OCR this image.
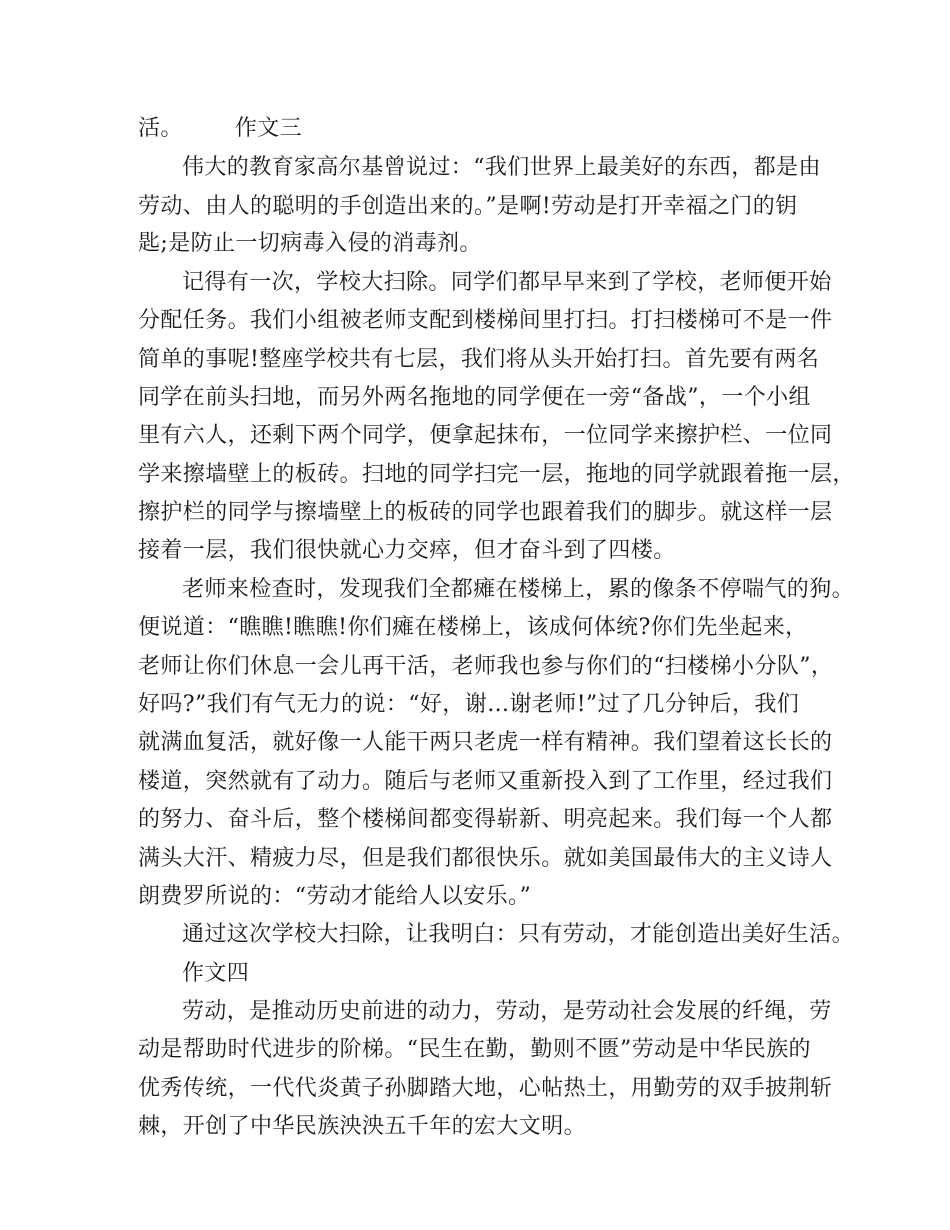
活。 作文三

伟大的教育家高尔基曾说过：“我们世界上最美好的东西，都是由

劳动、由人的聪明的手创造出来的。”是啊!劳动是打开幸福之门的钥

匙;是防止一切病毒入侵的消毒剂。

记得有一次，学校大扫除。同学们都早早来到了学校，老师便开始

分配任务。我们小组被老师支配到楼梯间里打扫。打扫楼梯可不是一件

简单的事呢!整座学校共有七层，我们将从头开始打扫。首先要有两名

同学在前头扫地，而另外两名拖地的同学便在一旁“备战”，一个小组

里有六人，还剩下两个同学，便拿起抹布，一位同学来擦护栏、一位同

学来擦墙壁上的板砖。扫地的同学扫完一层，拖地的同学就跟着拖一层，

擦护栏的同学与擦墙壁上的板砖的同学也跟着我们的脚步。就这样一层

接着一层，我们很快就心力交瘁，但才奋斗到了四楼。

老师来检查时，发现我们全都瘫在楼梯上，累的像条不停喘气的狗。

便说道：“瞧瞧!瞧瞧!你们瘫在楼梯上，该成何体统?你们先坐起来，

老师让你们休息一会儿再干活，老师我也参与你们的“扫楼梯小分队”，

好吗?”我们有气无力的说：“好，谢…谢老师!”过了几分钟后，我们

就满血复活，就好像一人能干两只老虎一样有精神。我们望着这长长的

楼道，突然就有了动力。随后与老师又重新投入到了工作里，经过我们

的努力、奋斗后，整个楼梯间都变得崭新、明亮起来。我们每一个人都

满头大汗、精疲力尽，但是我们都很快乐。就如美国最伟大的主义诗人

朗费罗所说的：“劳动才能给人以安乐。”

通过这次学校大扫除，让我明白：只有劳动，才能创造出美好生活。

作文四

劳动，是推动历史前进的动力，劳动，是劳动社会发展的纤绳，劳

动是帮助时代进步的阶梯。“民生在勤，勤则不匮”劳动是中华民族的

优秀传统，一代代炎黄子孙脚踏大地，心帖热土，用勤劳的双手披荆斩

棘，开创了中华民族泱泱五千年的宏大文明。
